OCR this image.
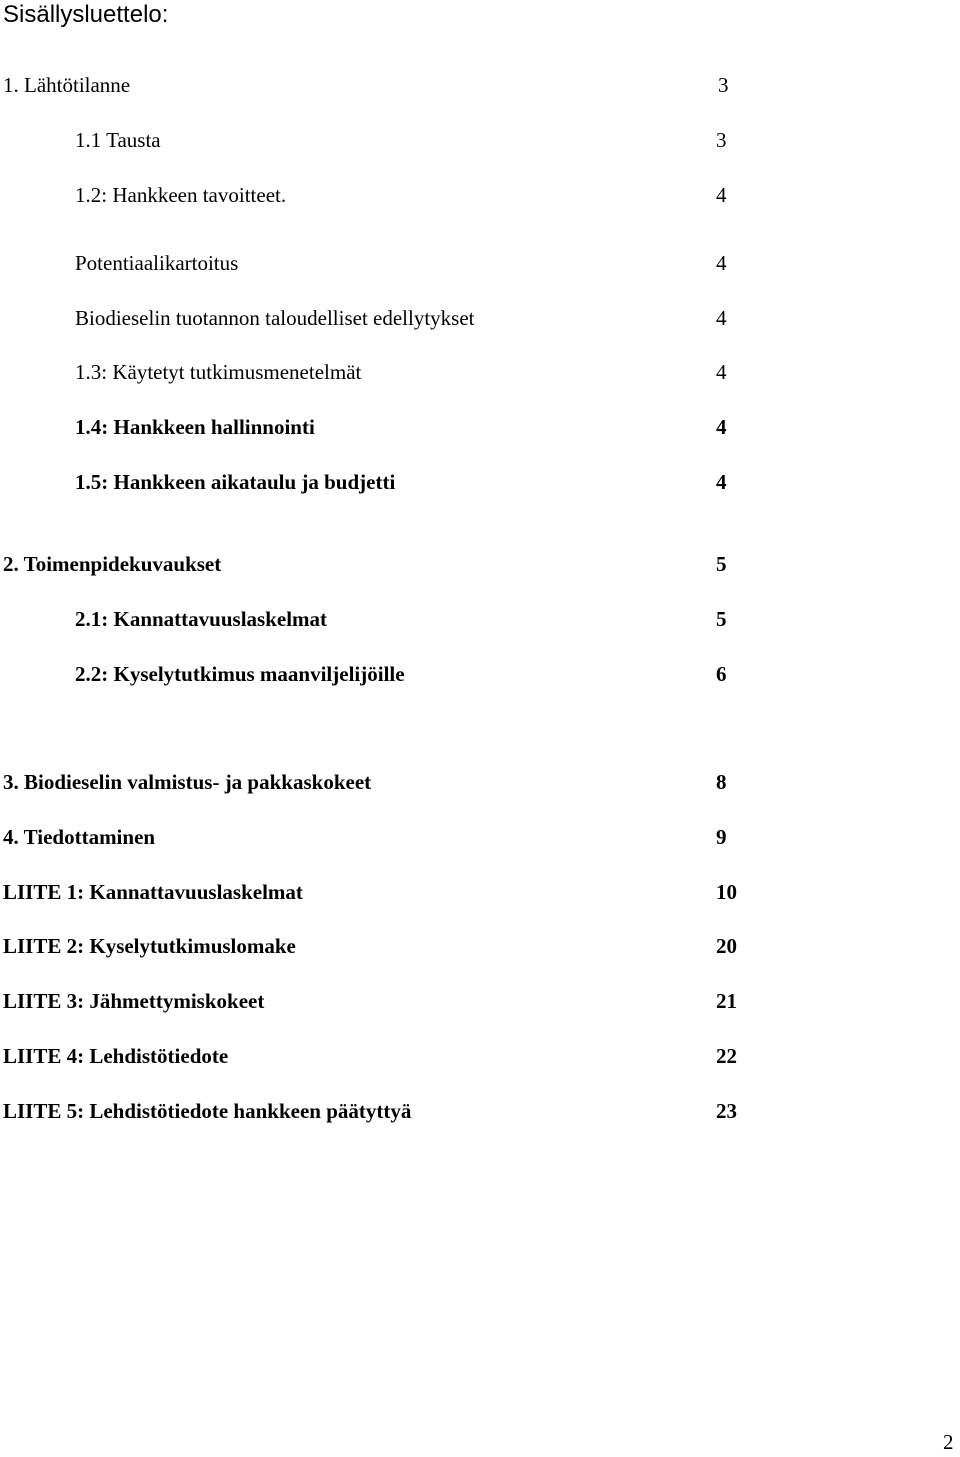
Sisällysluettelo:
1. Lähtötilanne	3
1.1 Tausta	3
1.2: Hankkeen tavoitteet.	4
Potentiaalikartoitus	4
Biodieselin tuotannon taloudelliset edellytykset	4
1.3: Käytetyt tutkimusmenetelmät	4
1.4: Hankkeen hallinnointi	4
1.5: Hankkeen aikataulu ja budjetti	4
2. Toimenpidekuvaukset	5
2.1: Kannattavuuslaskelmat	5
2.2: Kyselytutkimus maanviljelijöille	6
3. Biodieselin valmistus- ja pakkaskokeet	8
4. Tiedottaminen	9
LIITE 1: Kannattavuuslaskelmat	10
LIITE 2: Kyselytutkimuslomake	20
LIITE 3: Jähmettymiskokeet	21
LIITE 4: Lehdistötiedote	22
LIITE 5: Lehdistötiedote hankkeen päätyttyä	23
2
